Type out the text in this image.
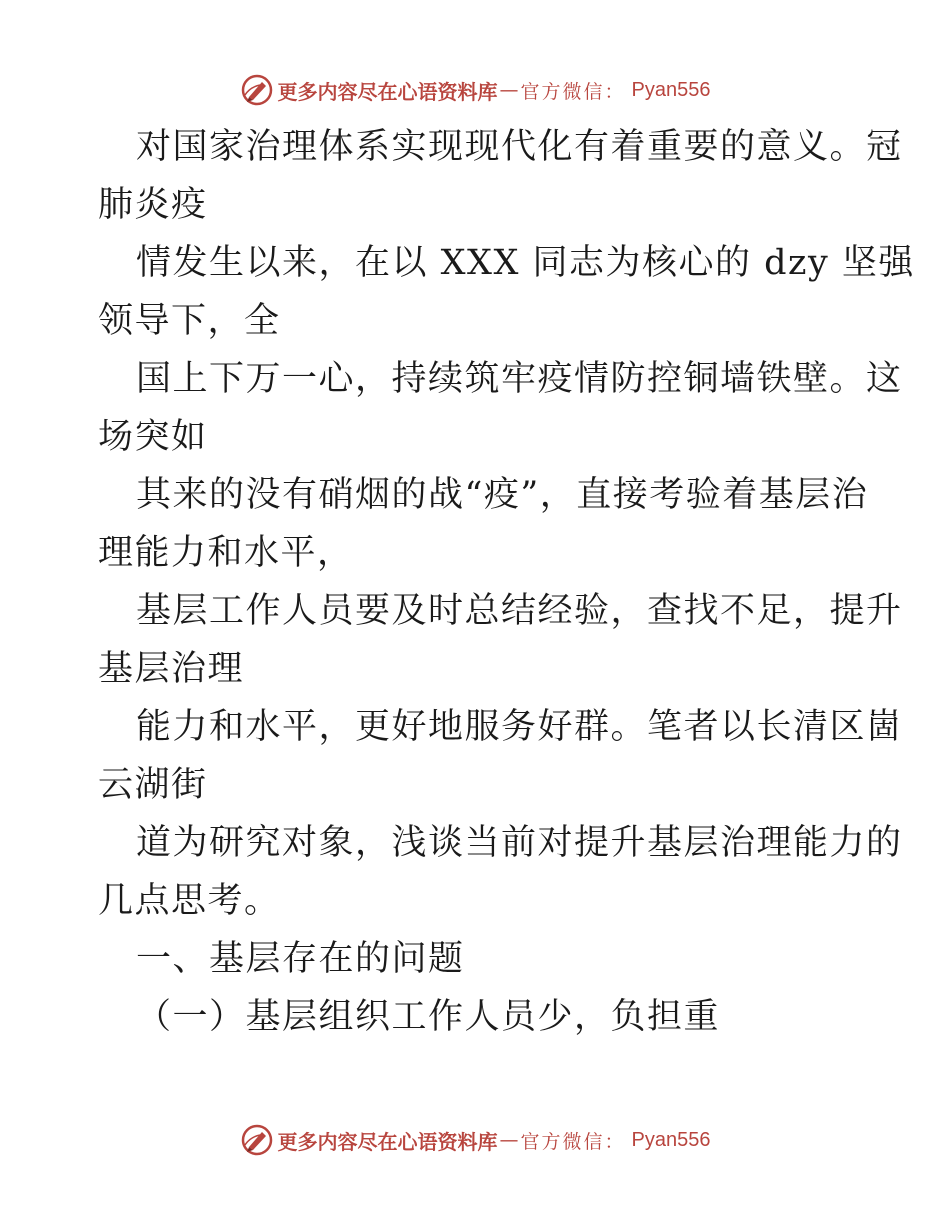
更多内容尽在心语资料库 — 官方微信： Pyan556
对国家治理体系实现现代化有着重要的意义。冠
肺炎疫
情发生以来，在以 XXX 同志为核心的 dzy 坚强
领导下，全
国上下万一心，持续筑牢疫情防控铜墙铁壁。这
场突如
其来的没有硝烟的战“疫”，直接考验着基层治
理能力和水平，
基层工作人员要及时总结经验，查找不足，提升
基层治理
能力和水平，更好地服务好群。笔者以长清区崮
云湖街
道为研究对象，浅谈当前对提升基层治理能力的
几点思考。
一、基层存在的问题
（一）基层组织工作人员少，负担重
更多内容尽在心语资料库 — 官方微信： Pyan556
